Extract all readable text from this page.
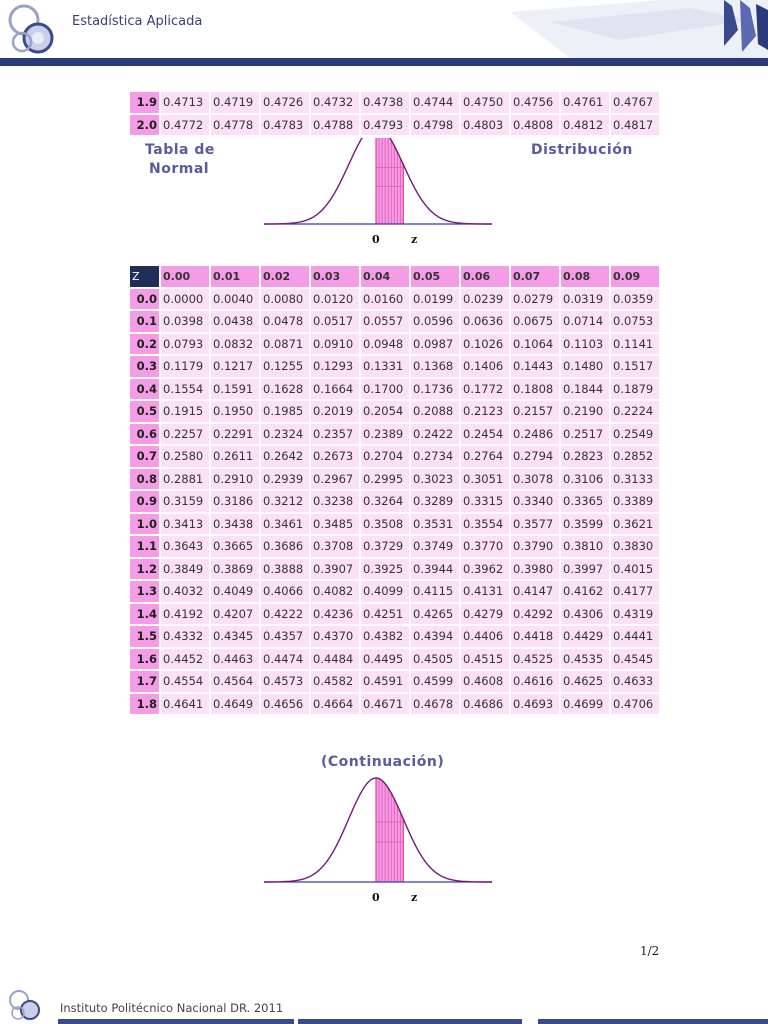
Estadística Aplicada
1.9	0.4713	0.4719	0.4726	0.4732	0.4738	0.4744	0.4750	0.4756	0.4761	0.4767
2.0	0.4772	0.4778	0.4783	0.4788	0.4793	0.4798	0.4803	0.4808	0.4812	0.4817
Tabla de
Normal
Distribución
0	z
Z	0.00	0.01	0.02	0.03	0.04	0.05	0.06	0.07	0.08	0.09
0.0	0.0000	0.0040	0.0080	0.0120	0.0160	0.0199	0.0239	0.0279	0.0319	0.0359
0.1	0.0398	0.0438	0.0478	0.0517	0.0557	0.0596	0.0636	0.0675	0.0714	0.0753
0.2	0.0793	0.0832	0.0871	0.0910	0.0948	0.0987	0.1026	0.1064	0.1103	0.1141
0.3	0.1179	0.1217	0.1255	0.1293	0.1331	0.1368	0.1406	0.1443	0.1480	0.1517
0.4	0.1554	0.1591	0.1628	0.1664	0.1700	0.1736	0.1772	0.1808	0.1844	0.1879
0.5	0.1915	0.1950	0.1985	0.2019	0.2054	0.2088	0.2123	0.2157	0.2190	0.2224
0.6	0.2257	0.2291	0.2324	0.2357	0.2389	0.2422	0.2454	0.2486	0.2517	0.2549
0.7	0.2580	0.2611	0.2642	0.2673	0.2704	0.2734	0.2764	0.2794	0.2823	0.2852
0.8	0.2881	0.2910	0.2939	0.2967	0.2995	0.3023	0.3051	0.3078	0.3106	0.3133
0.9	0.3159	0.3186	0.3212	0.3238	0.3264	0.3289	0.3315	0.3340	0.3365	0.3389
1.0	0.3413	0.3438	0.3461	0.3485	0.3508	0.3531	0.3554	0.3577	0.3599	0.3621
1.1	0.3643	0.3665	0.3686	0.3708	0.3729	0.3749	0.3770	0.3790	0.3810	0.3830
1.2	0.3849	0.3869	0.3888	0.3907	0.3925	0.3944	0.3962	0.3980	0.3997	0.4015
1.3	0.4032	0.4049	0.4066	0.4082	0.4099	0.4115	0.4131	0.4147	0.4162	0.4177
1.4	0.4192	0.4207	0.4222	0.4236	0.4251	0.4265	0.4279	0.4292	0.4306	0.4319
1.5	0.4332	0.4345	0.4357	0.4370	0.4382	0.4394	0.4406	0.4418	0.4429	0.4441
1.6	0.4452	0.4463	0.4474	0.4484	0.4495	0.4505	0.4515	0.4525	0.4535	0.4545
1.7	0.4554	0.4564	0.4573	0.4582	0.4591	0.4599	0.4608	0.4616	0.4625	0.4633
1.8	0.4641	0.4649	0.4656	0.4664	0.4671	0.4678	0.4686	0.4693	0.4699	0.4706
(Continuación)
0	z
1/2
Instituto Politécnico Nacional DR. 2011
